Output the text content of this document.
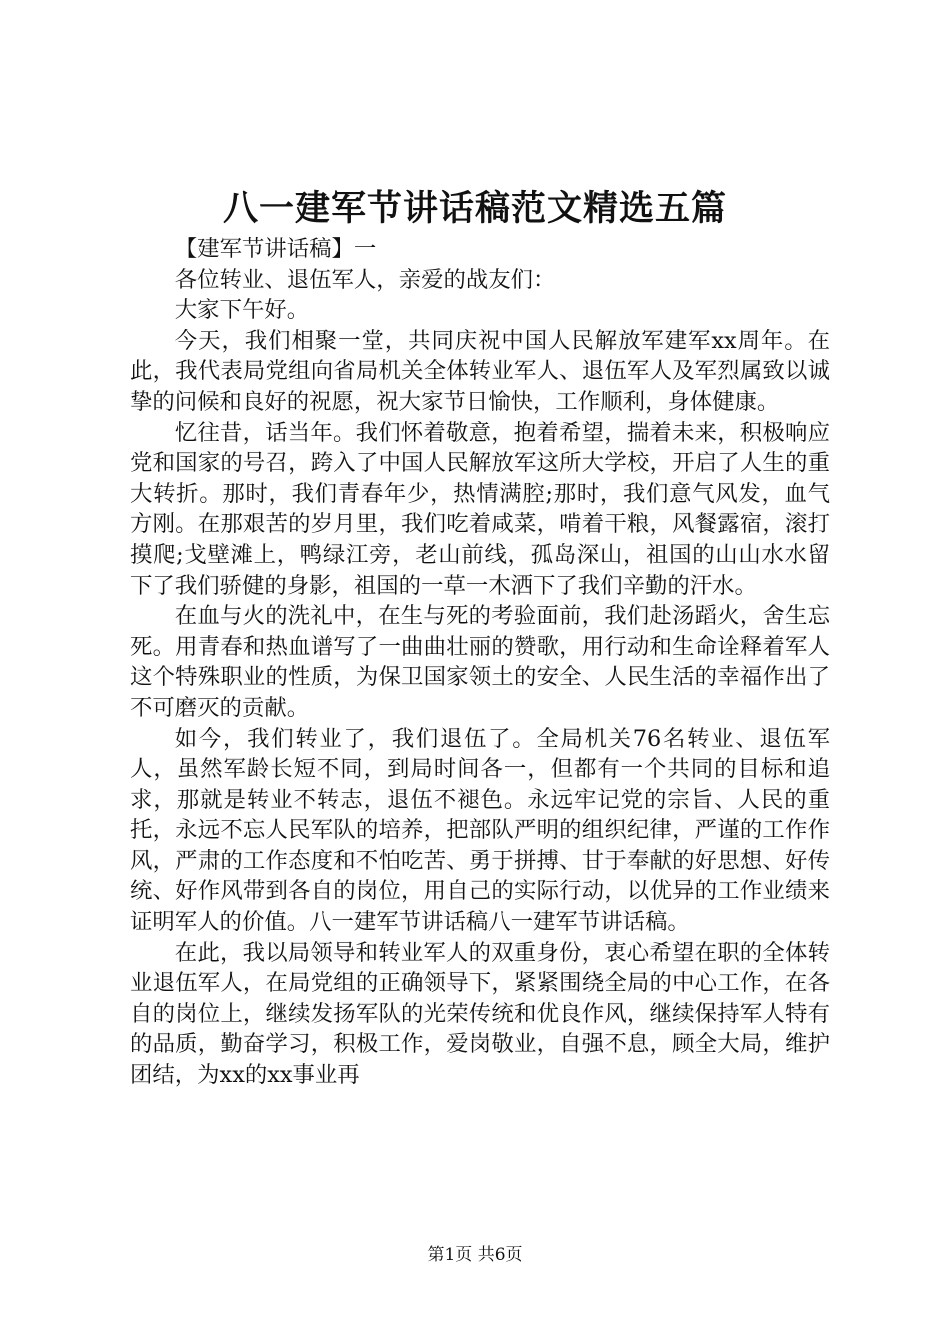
八一建军节讲话稿范文精选五篇

【建军节讲话稿】一

各位转业、退伍军人，亲爱的战友们：

大家下午好。

今天，我们相聚一堂，共同庆祝中国人民解放军建军xx周年。在此，我代表局党组向省局机关全体转业军人、退伍军人及军烈属致以诚挚的问候和良好的祝愿，祝大家节日愉快，工作顺利，身体健康。

忆往昔，话当年。我们怀着敬意，抱着希望，揣着未来，积极响应党和国家的号召，跨入了中国人民解放军这所大学校，开启了人生的重大转折。那时，我们青春年少，热情满腔;那时，我们意气风发，血气方刚。在那艰苦的岁月里，我们吃着咸菜，啃着干粮，风餐露宿，滚打摸爬;戈壁滩上，鸭绿江旁，老山前线，孤岛深山，祖国的山山水水留下了我们骄健的身影，祖国的一草一木洒下了我们辛勤的汗水。

在血与火的洗礼中，在生与死的考验面前，我们赴汤蹈火，舍生忘死。用青春和热血谱写了一曲曲壮丽的赞歌，用行动和生命诠释着军人这个特殊职业的性质，为保卫国家领土的安全、人民生活的幸福作出了不可磨灭的贡献。

如今，我们转业了，我们退伍了。全局机关76名转业、退伍军人，虽然军龄长短不同，到局时间各一，但都有一个共同的目标和追求，那就是转业不转志，退伍不褪色。永远牢记党的宗旨、人民的重托，永远不忘人民军队的培养，把部队严明的组织纪律，严谨的工作作风，严肃的工作态度和不怕吃苦、勇于拼搏、甘于奉献的好思想、好传统、好作风带到各自的岗位，用自己的实际行动，以优异的工作业绩来证明军人的价值。八一建军节讲话稿八一建军节讲话稿。

在此，我以局领导和转业军人的双重身份，衷心希望在职的全体转业退伍军人，在局党组的正确领导下，紧紧围绕全局的中心工作，在各自的岗位上，继续发扬军队的光荣传统和优良作风，继续保持军人特有的品质，勤奋学习，积极工作，爱岗敬业，自强不息，顾全大局，维护团结，为xx的xx事业再

第1页 共6页
